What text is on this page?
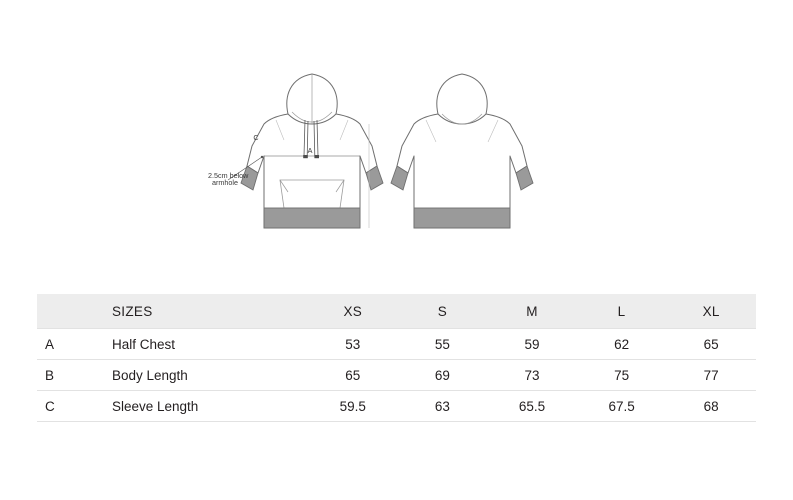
A
2.5cm below
armhole
C
	SIZES	XS	S	M	L	XL
A	Half Chest	53	55	59	62	65
B	Body Length	65	69	73	75	77
C	Sleeve Length	59.5	63	65.5	67.5	68
